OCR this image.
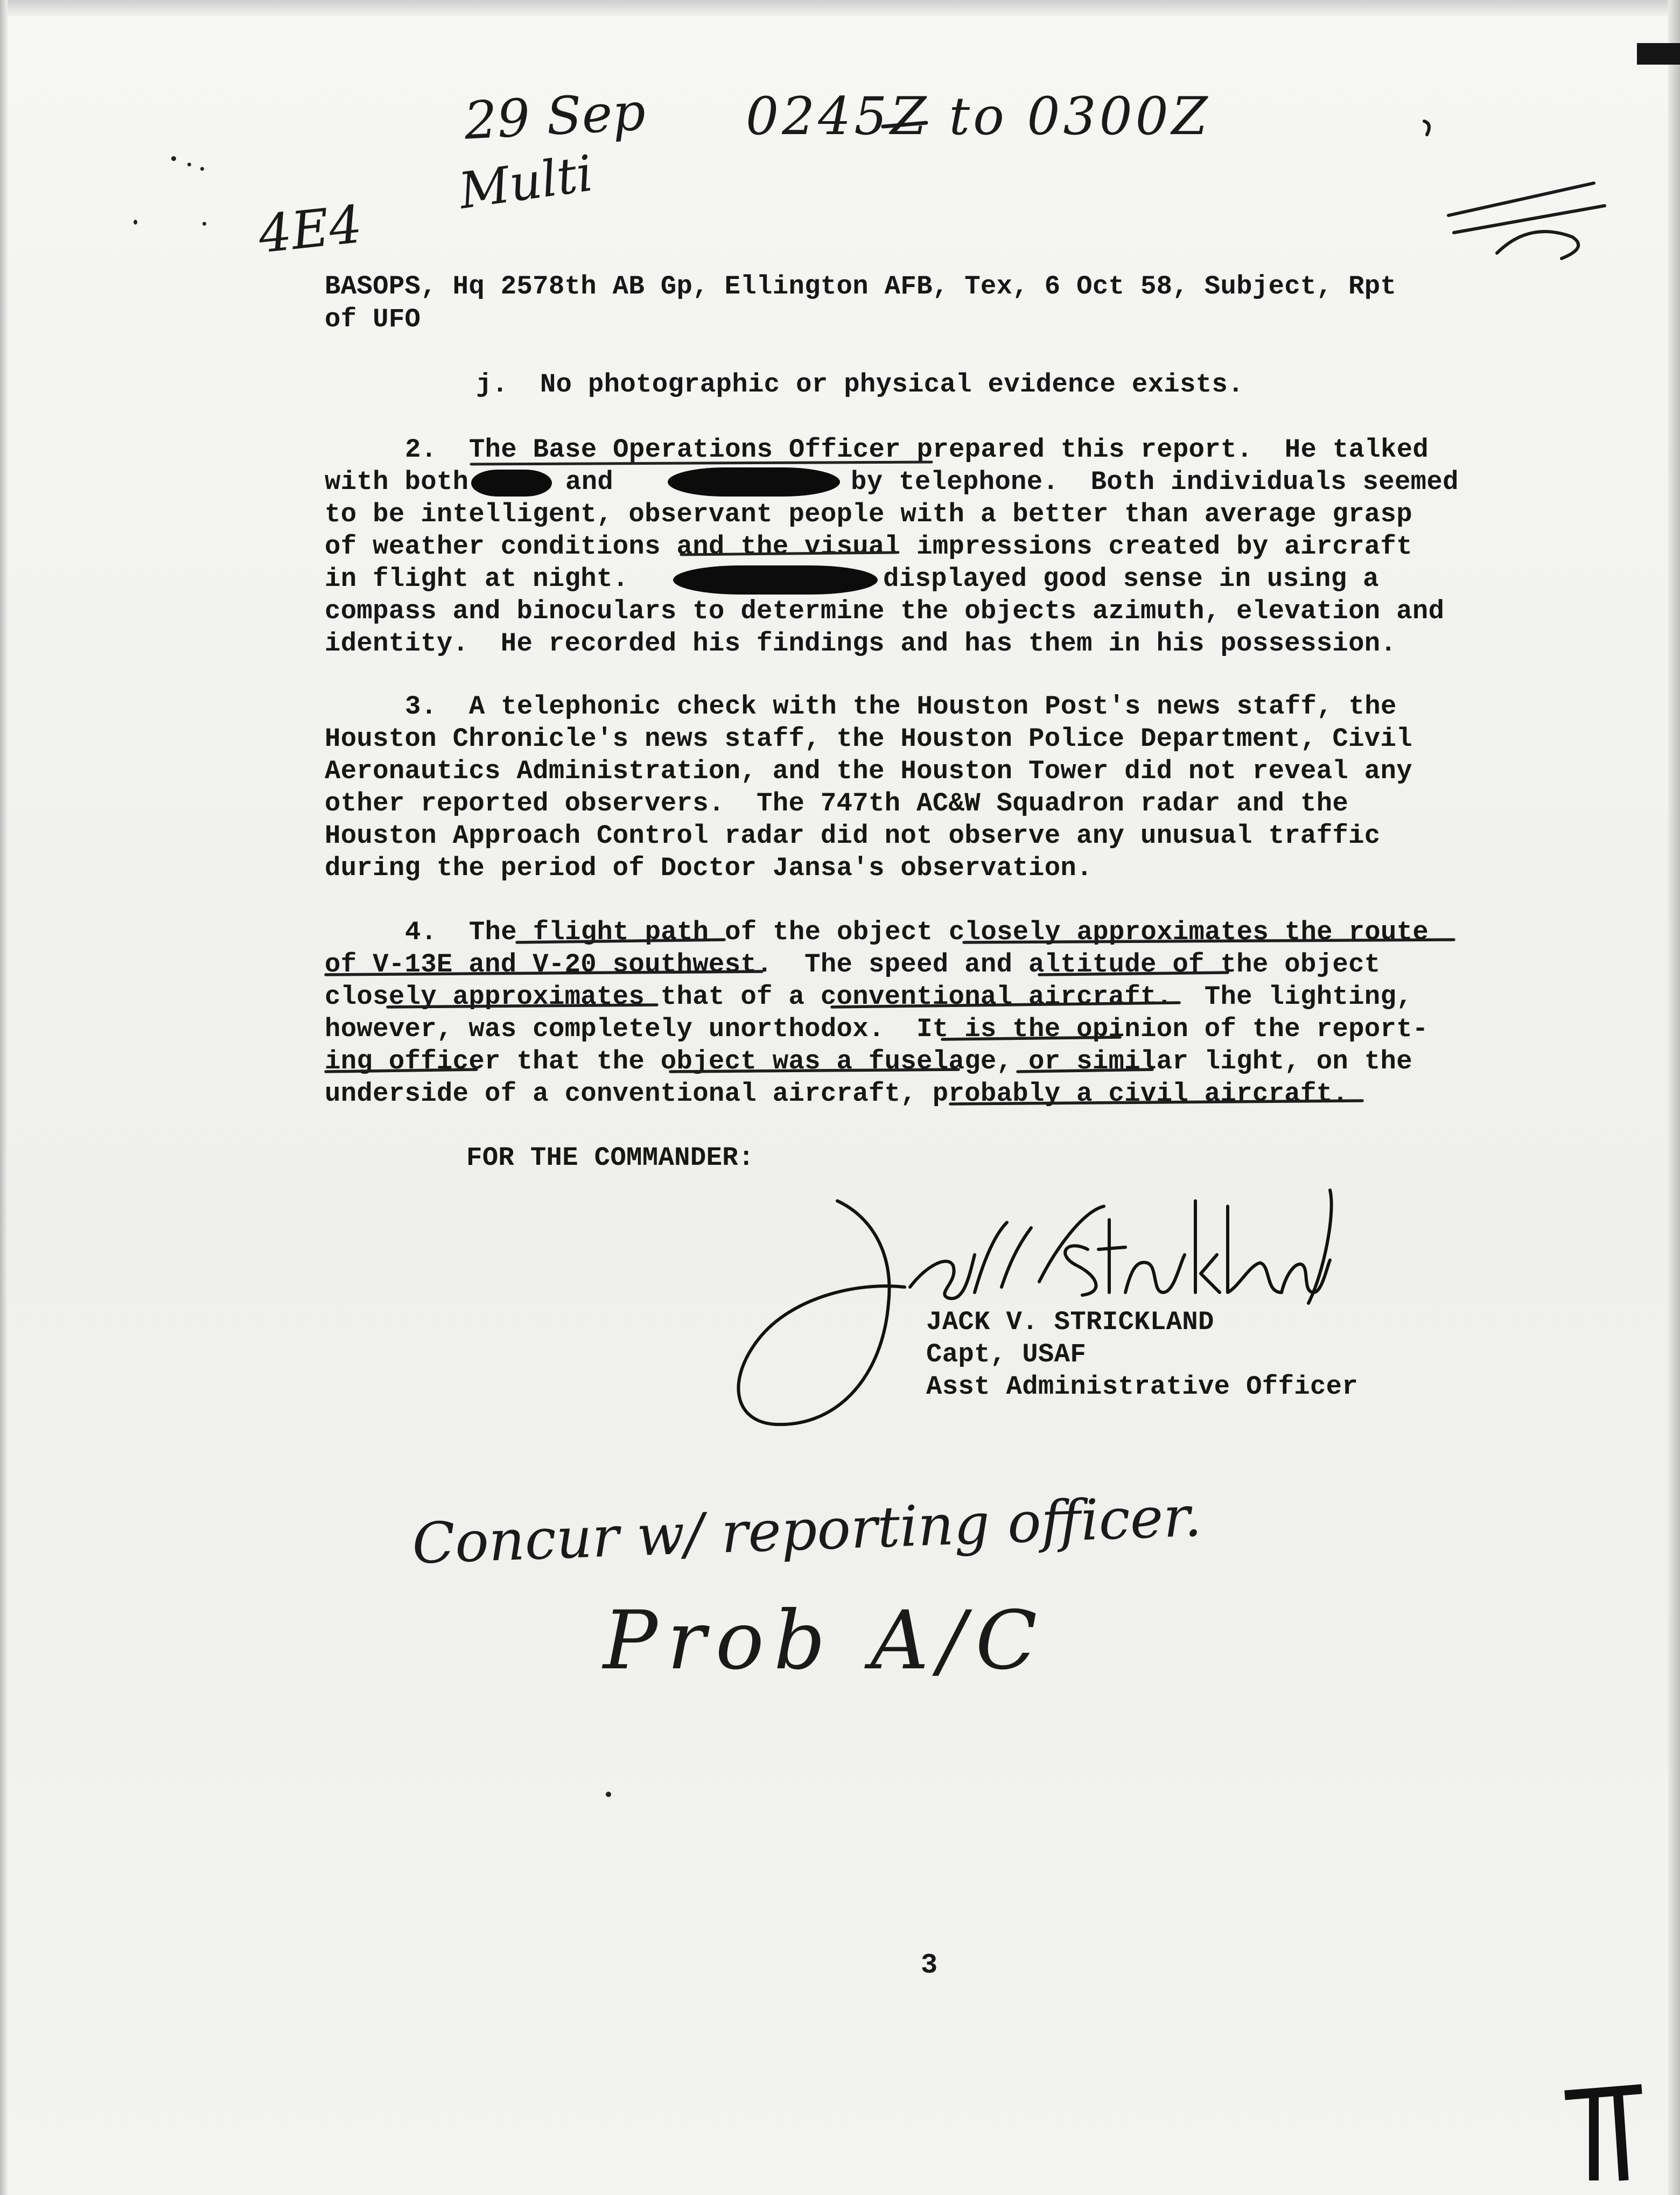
29 Sep 0245Z to 0300Z
Multi
4E4
BASOPS, Hq 2578th AB Gp, Ellington AFB, Tex, 6 Oct 58, Subject, Rpt
of UFO
j.  No photographic or physical evidence exists.
2.  The Base Operations Officer prepared this report.  He talked
with both	and	by telephone.  Both individuals seemed
to be intelligent, observant people with a better than average grasp
of weather conditions and the visual impressions created by aircraft
in flight at night.	displayed good sense in using a
compass and binoculars to determine the objects azimuth, elevation and
identity.  He recorded his findings and has them in his possession.
3.  A telephonic check with the Houston Post's news staff, the
Houston Chronicle's news staff, the Houston Police Department, Civil
Aeronautics Administration, and the Houston Tower did not reveal any
other reported observers.  The 747th AC&W Squadron radar and the
Houston Approach Control radar did not observe any unusual traffic
during the period of Doctor Jansa's observation.
4.  The flight path of the object closely approximates the route
of V-13E and V-20 southwest.  The speed and altitude of the object
closely approximates that of a conventional aircraft.  The lighting,
however, was completely unorthodox.  It is the opinion of the report-
ing officer that the object was a fuselage, or similar light, on the
underside of a conventional aircraft, probably a civil aircraft.
FOR THE COMMANDER:
JACK V. STRICKLAND
Capt, USAF
Asst Administrative Officer
Concur w/ reporting officer.
Prob A/C
3
